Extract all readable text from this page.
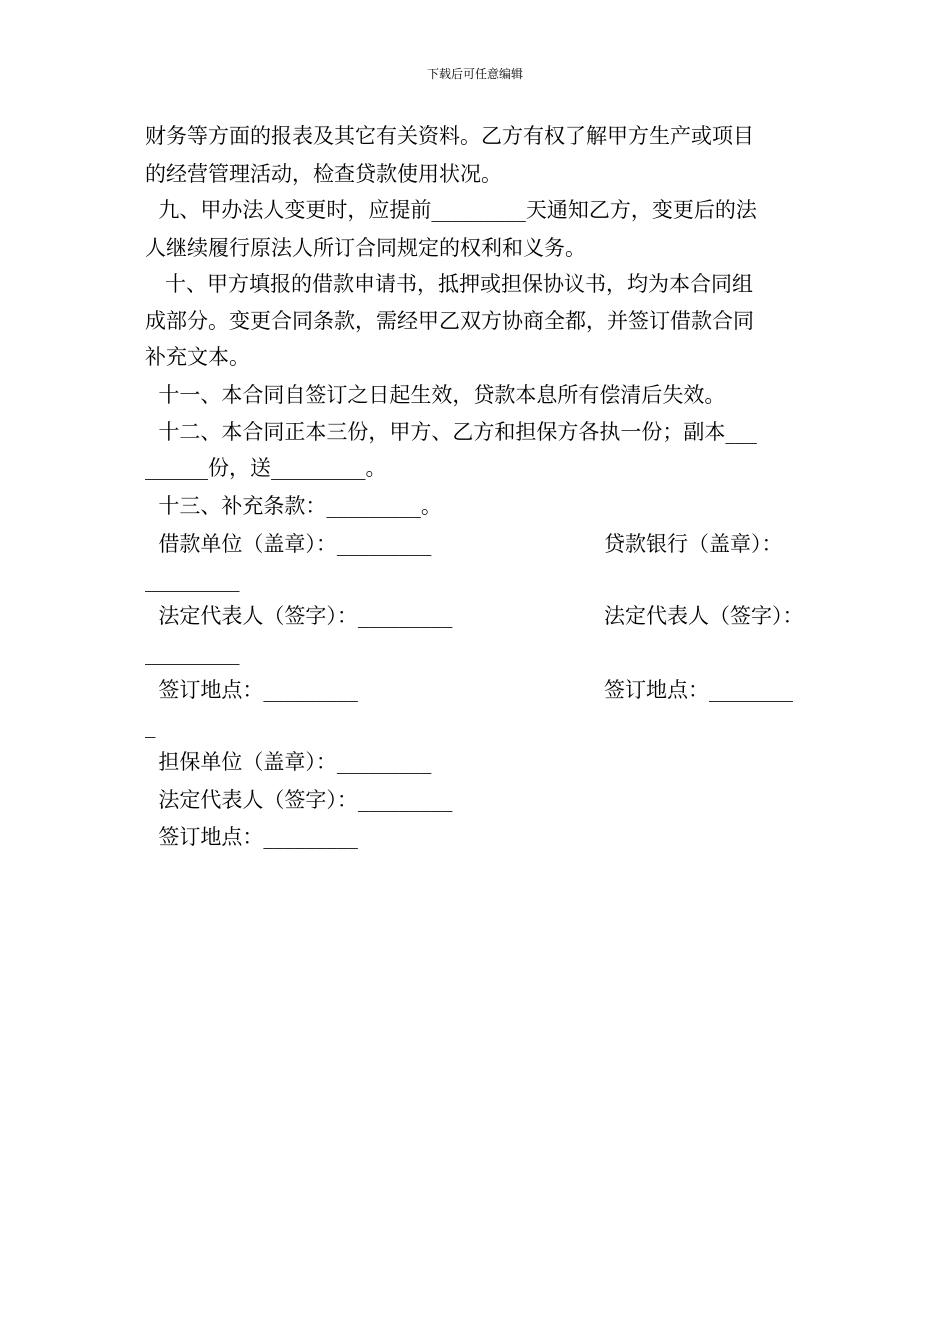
下载后可任意编辑
财务等方面的报表及其它有关资料。乙方有权了解甲方生产或项目
的经营管理活动，检查贷款使用状况。
九、甲办法人变更时，应提前_________天通知乙方，变更后的法
人继续履行原法人所订合同规定的权利和义务。
十、甲方填报的借款申请书，抵押或担保协议书，均为本合同组
成部分。变更合同条款，需经甲乙双方协商全都，并签订借款合同
补充文本。
十一、本合同自签订之日起生效，贷款本息所有偿清后失效。
十二、本合同正本三份，甲方、乙方和担保方各执一份；副本___
______份，送_________。
十三、补充条款：_________。
借款单位（盖章）：_________	贷款银行（盖章）：
_________
法定代表人（签字）：_________	法定代表人（签字）：
_________
签订地点：_________	签订地点：________
_
担保单位（盖章）：_________
法定代表人（签字）：_________
签订地点：_________
